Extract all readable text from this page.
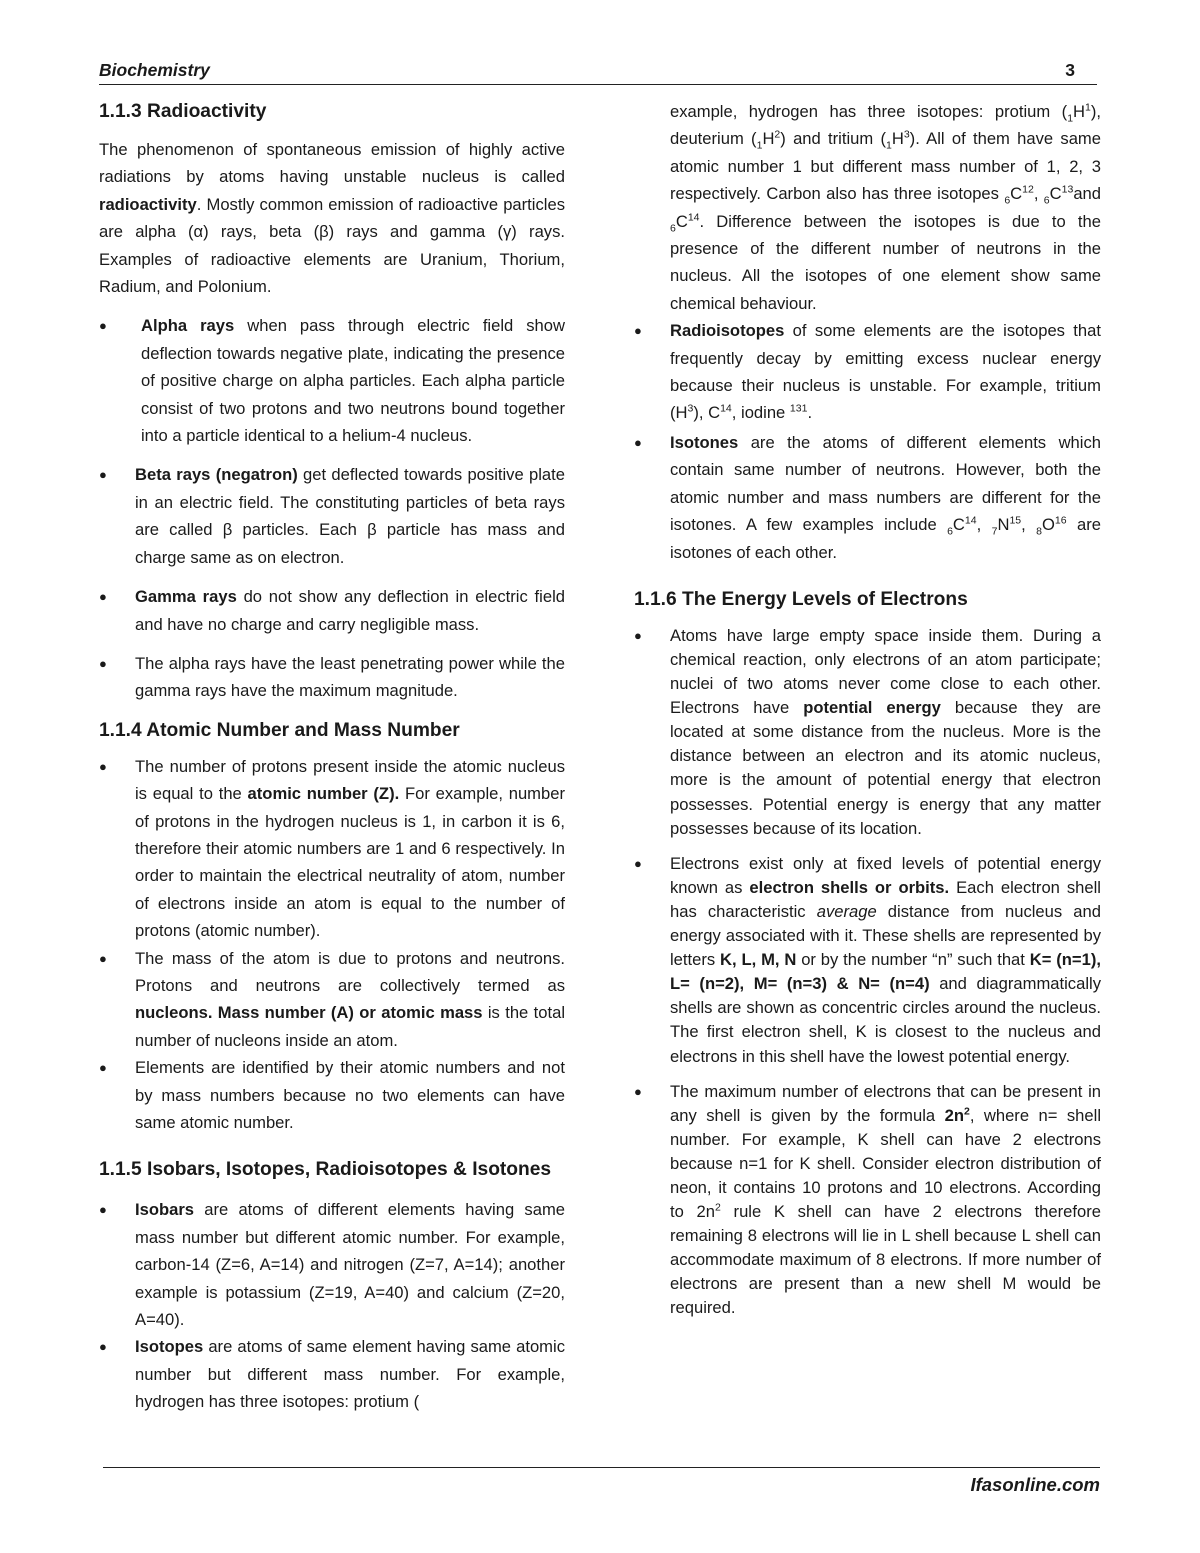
Biochemistry	3
1.1.3 Radioactivity

The phenomenon of spontaneous emission of highly active radiations by atoms having unstable nucleus is called radioactivity. Mostly common emission of radioactive particles are alpha (α) rays, beta (β) rays and gamma (γ) rays. Examples of radioactive elements are Uranium, Thorium, Radium, and Polonium.

● Alpha rays when pass through electric field show deflection towards negative plate, indicating the presence of positive charge on alpha particles. Each alpha particle consist of two protons and two neutrons bound together into a particle identical to a helium-4 nucleus.
● Beta rays (negatron) get deflected towards positive plate in an electric field. The constituting particles of beta rays are called β particles. Each β particle has mass and charge same as on electron.
● Gamma rays do not show any deflection in electric field and have no charge and carry negligible mass.
● The alpha rays have the least penetrating power while the gamma rays have the maximum magnitude.
1.1.4 Atomic Number and Mass Number
● The number of protons present inside the atomic nucleus is equal to the atomic number (Z). For example, number of protons in the hydrogen nucleus is 1, in carbon it is 6, therefore their atomic numbers are 1 and 6 respectively. In order to maintain the electrical neutrality of atom, number of electrons inside an atom is equal to the number of protons (atomic number).
● The mass of the atom is due to protons and neutrons. Protons and neutrons are collectively termed as nucleons. Mass number (A) or atomic mass is the total number of nucleons inside an atom.
● Elements are identified by their atomic numbers and not by mass numbers because no two elements can have same atomic number.
1.1.5 Isobars, Isotopes, Radioisotopes & Isotones
● Isobars are atoms of different elements having same mass number but different atomic number. For example, carbon-14 (Z=6, A=14) and nitrogen (Z=7, A=14); another example is potassium (Z=19, A=40) and calcium (Z=20, A=40).
● Isotopes are atoms of same element having same atomic number but different mass number. For example, hydrogen has three isotopes: protium (

example, hydrogen has three isotopes: protium $(_1H^1)$, deuterium $(_1H^2)$ and tritium $(_1H^3)$. All of them have same atomic number 1 but different mass number of 1, 2, 3 respectively. Carbon also has three isotopes $_6C^{12}$, $_6C^{13}and$ $_6C^{14}$. Difference between the isotopes is due to the presence of the different number of neutrons in the nucleus. All the isotopes of one element show same chemical behaviour.

● Radioisotopes of some elements are the isotopes that frequently decay by emitting excess nuclear energy because their nucleus is unstable. For example, tritium $(H^3)$, $C^{14}$, iodine $^{131}$.
● Isotones are the atoms of different elements which contain same number of neutrons. However, both the atomic number and mass numbers are different for the isotones. A few examples include $_6C^{14}$, $_7N^{15}$, $_8O^{16}$ are isotones of each other.
1.1.6 The Energy Levels of Electrons
● Atoms have large empty space inside them. During a chemical reaction, only electrons of an atom participate; nuclei of two atoms never come close to each other. Electrons have potential energy because they are located at some distance from the nucleus. More is the distance between an electron and its atomic nucleus, more is the amount of potential energy that electron possesses. Potential energy is energy that any matter possesses because of its location.
● Electrons exist only at fixed levels of potential energy known as electron shells or orbits. Each electron shell has characteristic average distance from nucleus and energy associated with it. These shells are represented by letters K, L, M, N or by the number “n” such that K= (n=1), L= (n=2), M= (n=3) & N= (n=4) and diagrammatically shells are shown as concentric circles around the nucleus. The first electron shell, K is closest to the nucleus and electrons in this shell have the lowest potential energy.
● The maximum number of electrons that can be present in any shell is given by the formula $2n^2$, where n= shell number. For example, K shell can have 2 electrons because n=1 for K shell. Consider electron distribution of neon, it contains 10 protons and 10 electrons. According to $2n^2$ rule K shell can have 2 electrons therefore remaining 8 electrons will lie in L shell because L shell can accommodate maximum of 8 electrons. If more number of electrons are present than a new shell M would be required.
Ifasonline.com
